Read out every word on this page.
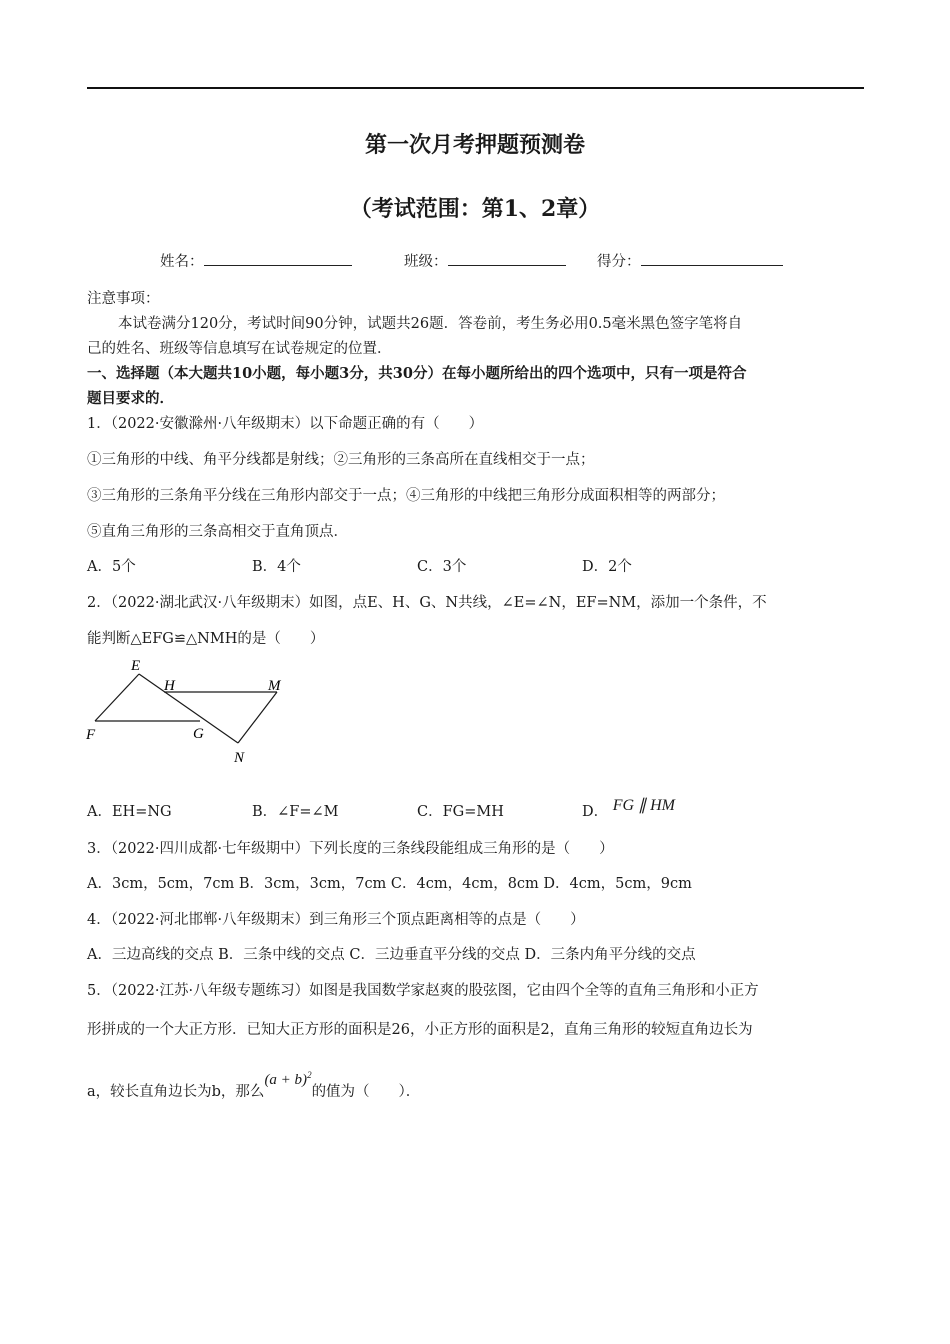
第一次月考押题预测卷
（考试范围：第1、2章）
姓名：	班级：	得分：
注意事项：
本试卷满分120分，考试时间90分钟，试题共26题．答卷前，考生务必用0.5毫米黑色签字笔将自
己的姓名、班级等信息填写在试卷规定的位置．
一、选择题（本大题共10小题，每小题3分，共30分）在每小题所给出的四个选项中，只有一项是符合
题目要求的．
1．（2022·安徽滁州·八年级期末）以下命题正确的有（　　）
①三角形的中线、角平分线都是射线；②三角形的三条高所在直线相交于一点；
③三角形的三条角平分线在三角形内部交于一点；④三角形的中线把三角形分成面积相等的两部分；
⑤直角三角形的三条高相交于直角顶点．
A．5个	B．4个	C．3个	D．2个
2．（2022·湖北武汉·八年级期末）如图，点E、H、G、N共线，∠E=∠N，EF=NM，添加一个条件，不
能判断△EFG≌△NMH的是（　　）
E
H	M
F	G
N
A．EH=NG	B．∠F=∠M	C．FG=MH	D． FG ∥ HM
3．（2022·四川成都·七年级期中）下列长度的三条线段能组成三角形的是（　　）
A．3cm，5cm，7cm B．3cm，3cm，7cm C．4cm，4cm，8cm D．4cm，5cm，9cm
4．（2022·河北邯郸·八年级期末）到三角形三个顶点距离相等的点是（　　）
A．三边高线的交点 B．三条中线的交点 C．三边垂直平分线的交点 D．三条内角平分线的交点
5．（2022·江苏·八年级专题练习）如图是我国数学家赵爽的股弦图，它由四个全等的直角三角形和小正方
形拼成的一个大正方形．已知大正方形的面积是26，小正方形的面积是2，直角三角形的较短直角边长为
a，较长直角边长为b，那么$(a + b)^2$的值为（　　）．
